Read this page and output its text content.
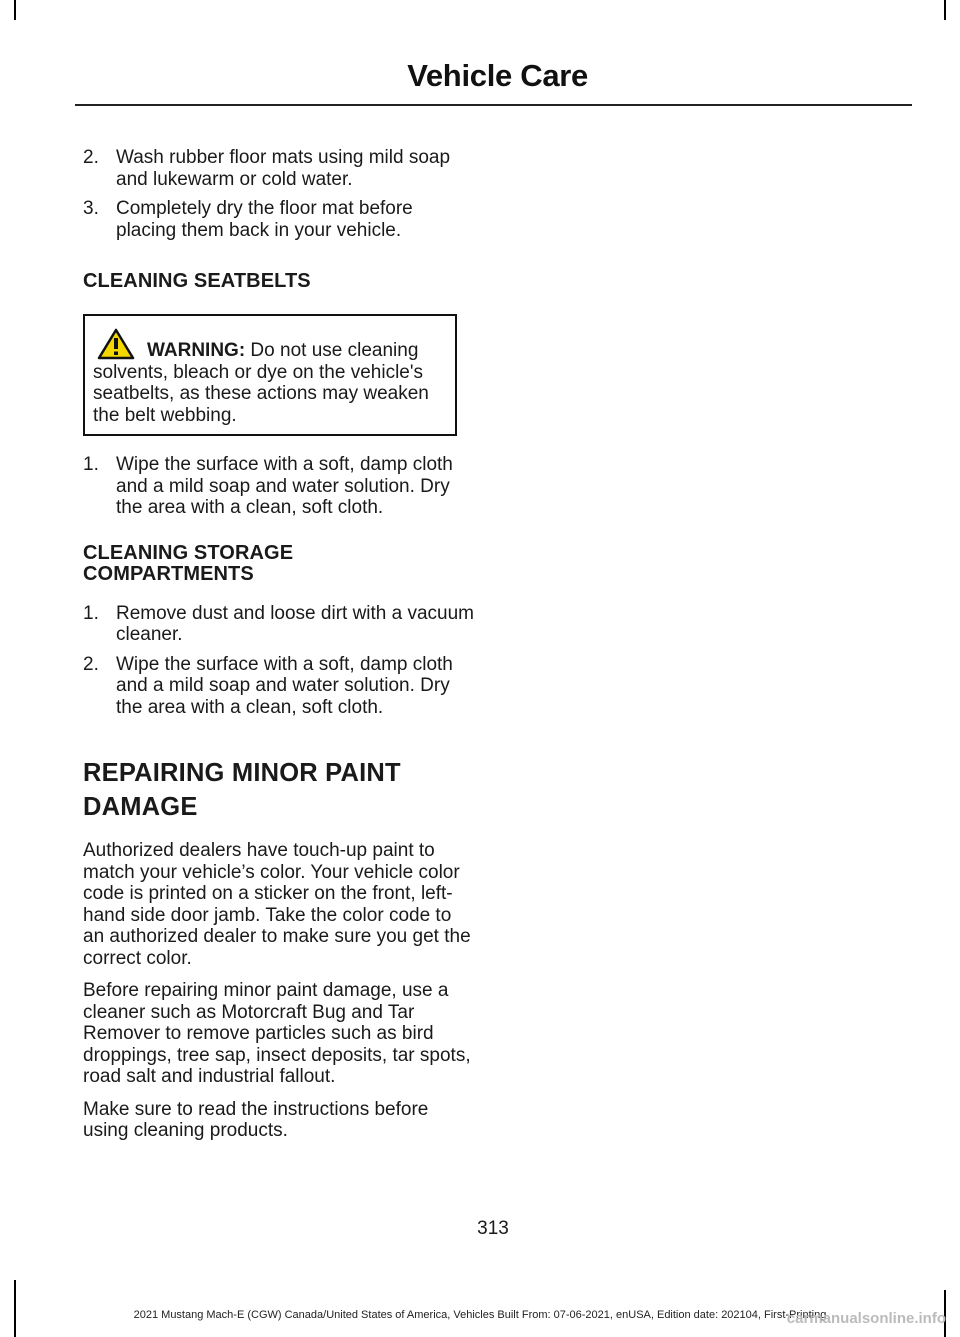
Vehicle Care
2. Wash rubber floor mats using mild soap and lukewarm or cold water.
3. Completely dry the floor mat before placing them back in your vehicle.
CLEANING SEATBELTS
WARNING: Do not use cleaning solvents, bleach or dye on the vehicle's seatbelts, as these actions may weaken the belt webbing.
1. Wipe the surface with a soft, damp cloth and a mild soap and water solution. Dry the area with a clean, soft cloth.
CLEANING STORAGE
COMPARTMENTS
1. Remove dust and loose dirt with a vacuum cleaner.
2. Wipe the surface with a soft, damp cloth and a mild soap and water solution. Dry the area with a clean, soft cloth.
REPAIRING MINOR PAINT
DAMAGE

Authorized dealers have touch-up paint to match your vehicle’s color. Your vehicle color code is printed on a sticker on the front, left-hand side door jamb. Take the color code to an authorized dealer to make sure you get the correct color.

Before repairing minor paint damage, use a cleaner such as Motorcraft Bug and Tar Remover to remove particles such as bird droppings, tree sap, insect deposits, tar spots, road salt and industrial fallout.

Make sure to read the instructions before using cleaning products.

313
2021 Mustang Mach-E (CGW) Canada/United States of America, Vehicles Built From: 07-06-2021, enUSA, Edition date: 202104, First-Printing
carmanualsonline.info
